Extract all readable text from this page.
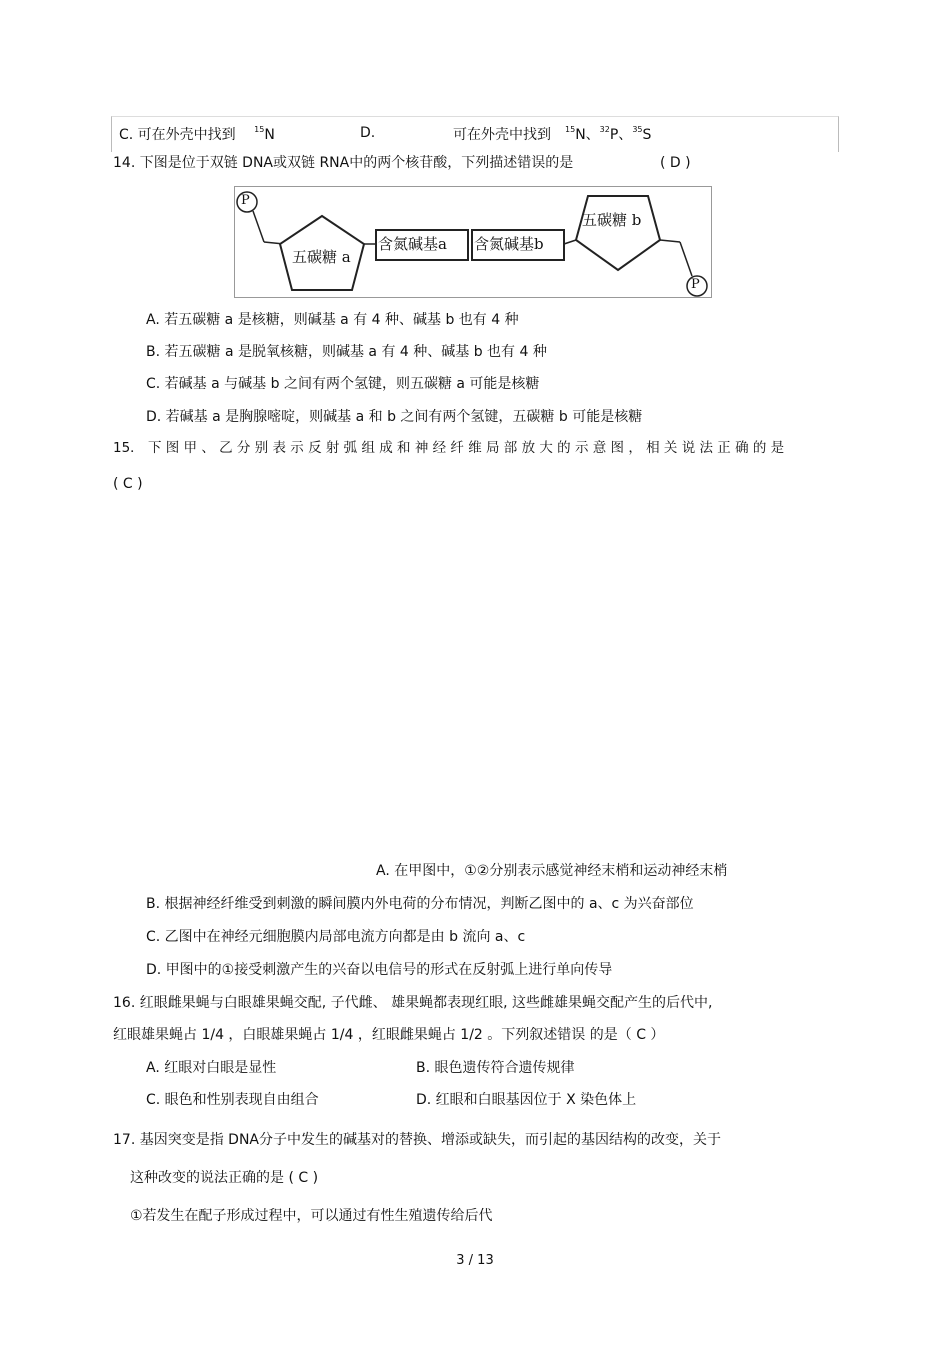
C. 可在外壳中找到 $^{15}$N	D.	可在外壳中找到 $^{15}$N、$^{32}$P、$^{35}$S
14. 下图是位于双链 DNA或双链 RNA中的两个核苷酸，下列描述错误的是	( D )
P
五碳糖 a
含氮碱基a 含氮碱基b
五碳糖 b
P
A. 若五碳糖 a 是核糖，则碱基 a 有 4 种、碱基 b 也有 4 种
B. 若五碳糖 a 是脱氧核糖，则碱基 a 有 4 种、碱基 b 也有 4 种
C. 若碱基 a 与碱基 b 之间有两个氢键，则五碳糖 a 可能是核糖
D. 若碱基 a 是胸腺嘧啶，则碱基 a 和 b 之间有两个氢键，五碳糖 b 可能是核糖
15． 下 图 甲 、 乙 分 别 表 示 反 射 弧 组 成 和 神 经 纤 维 局 部 放 大 的 示 意 图 ， 相 关 说 法 正 确 的 是
( C )
A. 在甲图中，①②分别表示感觉神经末梢和运动神经末梢
B. 根据神经纤维受到刺激的瞬间膜内外电荷的分布情况，判断乙图中的 a、c 为兴奋部位
C. 乙图中在神经元细胞膜内局部电流方向都是由 b 流向 a、c
D. 甲图中的①接受刺激产生的兴奋以电信号的形式在反射弧上进行单向传导
16. 红眼雌果蝇与白眼雄果蝇交配, 子代雌、 雄果蝇都表现红眼, 这些雌雄果蝇交配产生的后代中,
红眼雄果蝇占 1/4 ，白眼雄果蝇占 1/4 ，红眼雌果蝇占 1/2 。下列叙述错误 的是（ C ）
A. 红眼对白眼是显性	B. 眼色遗传符合遗传规律
C. 眼色和性别表现自由组合	D. 红眼和白眼基因位于 X 染色体上
17. 基因突变是指 DNA分子中发生的碱基对的替换、增添或缺失，而引起的基因结构的改变，关于
这种改变的说法正确的是 ( C )
①若发生在配子形成过程中，可以通过有性生殖遗传给后代
3 / 13
